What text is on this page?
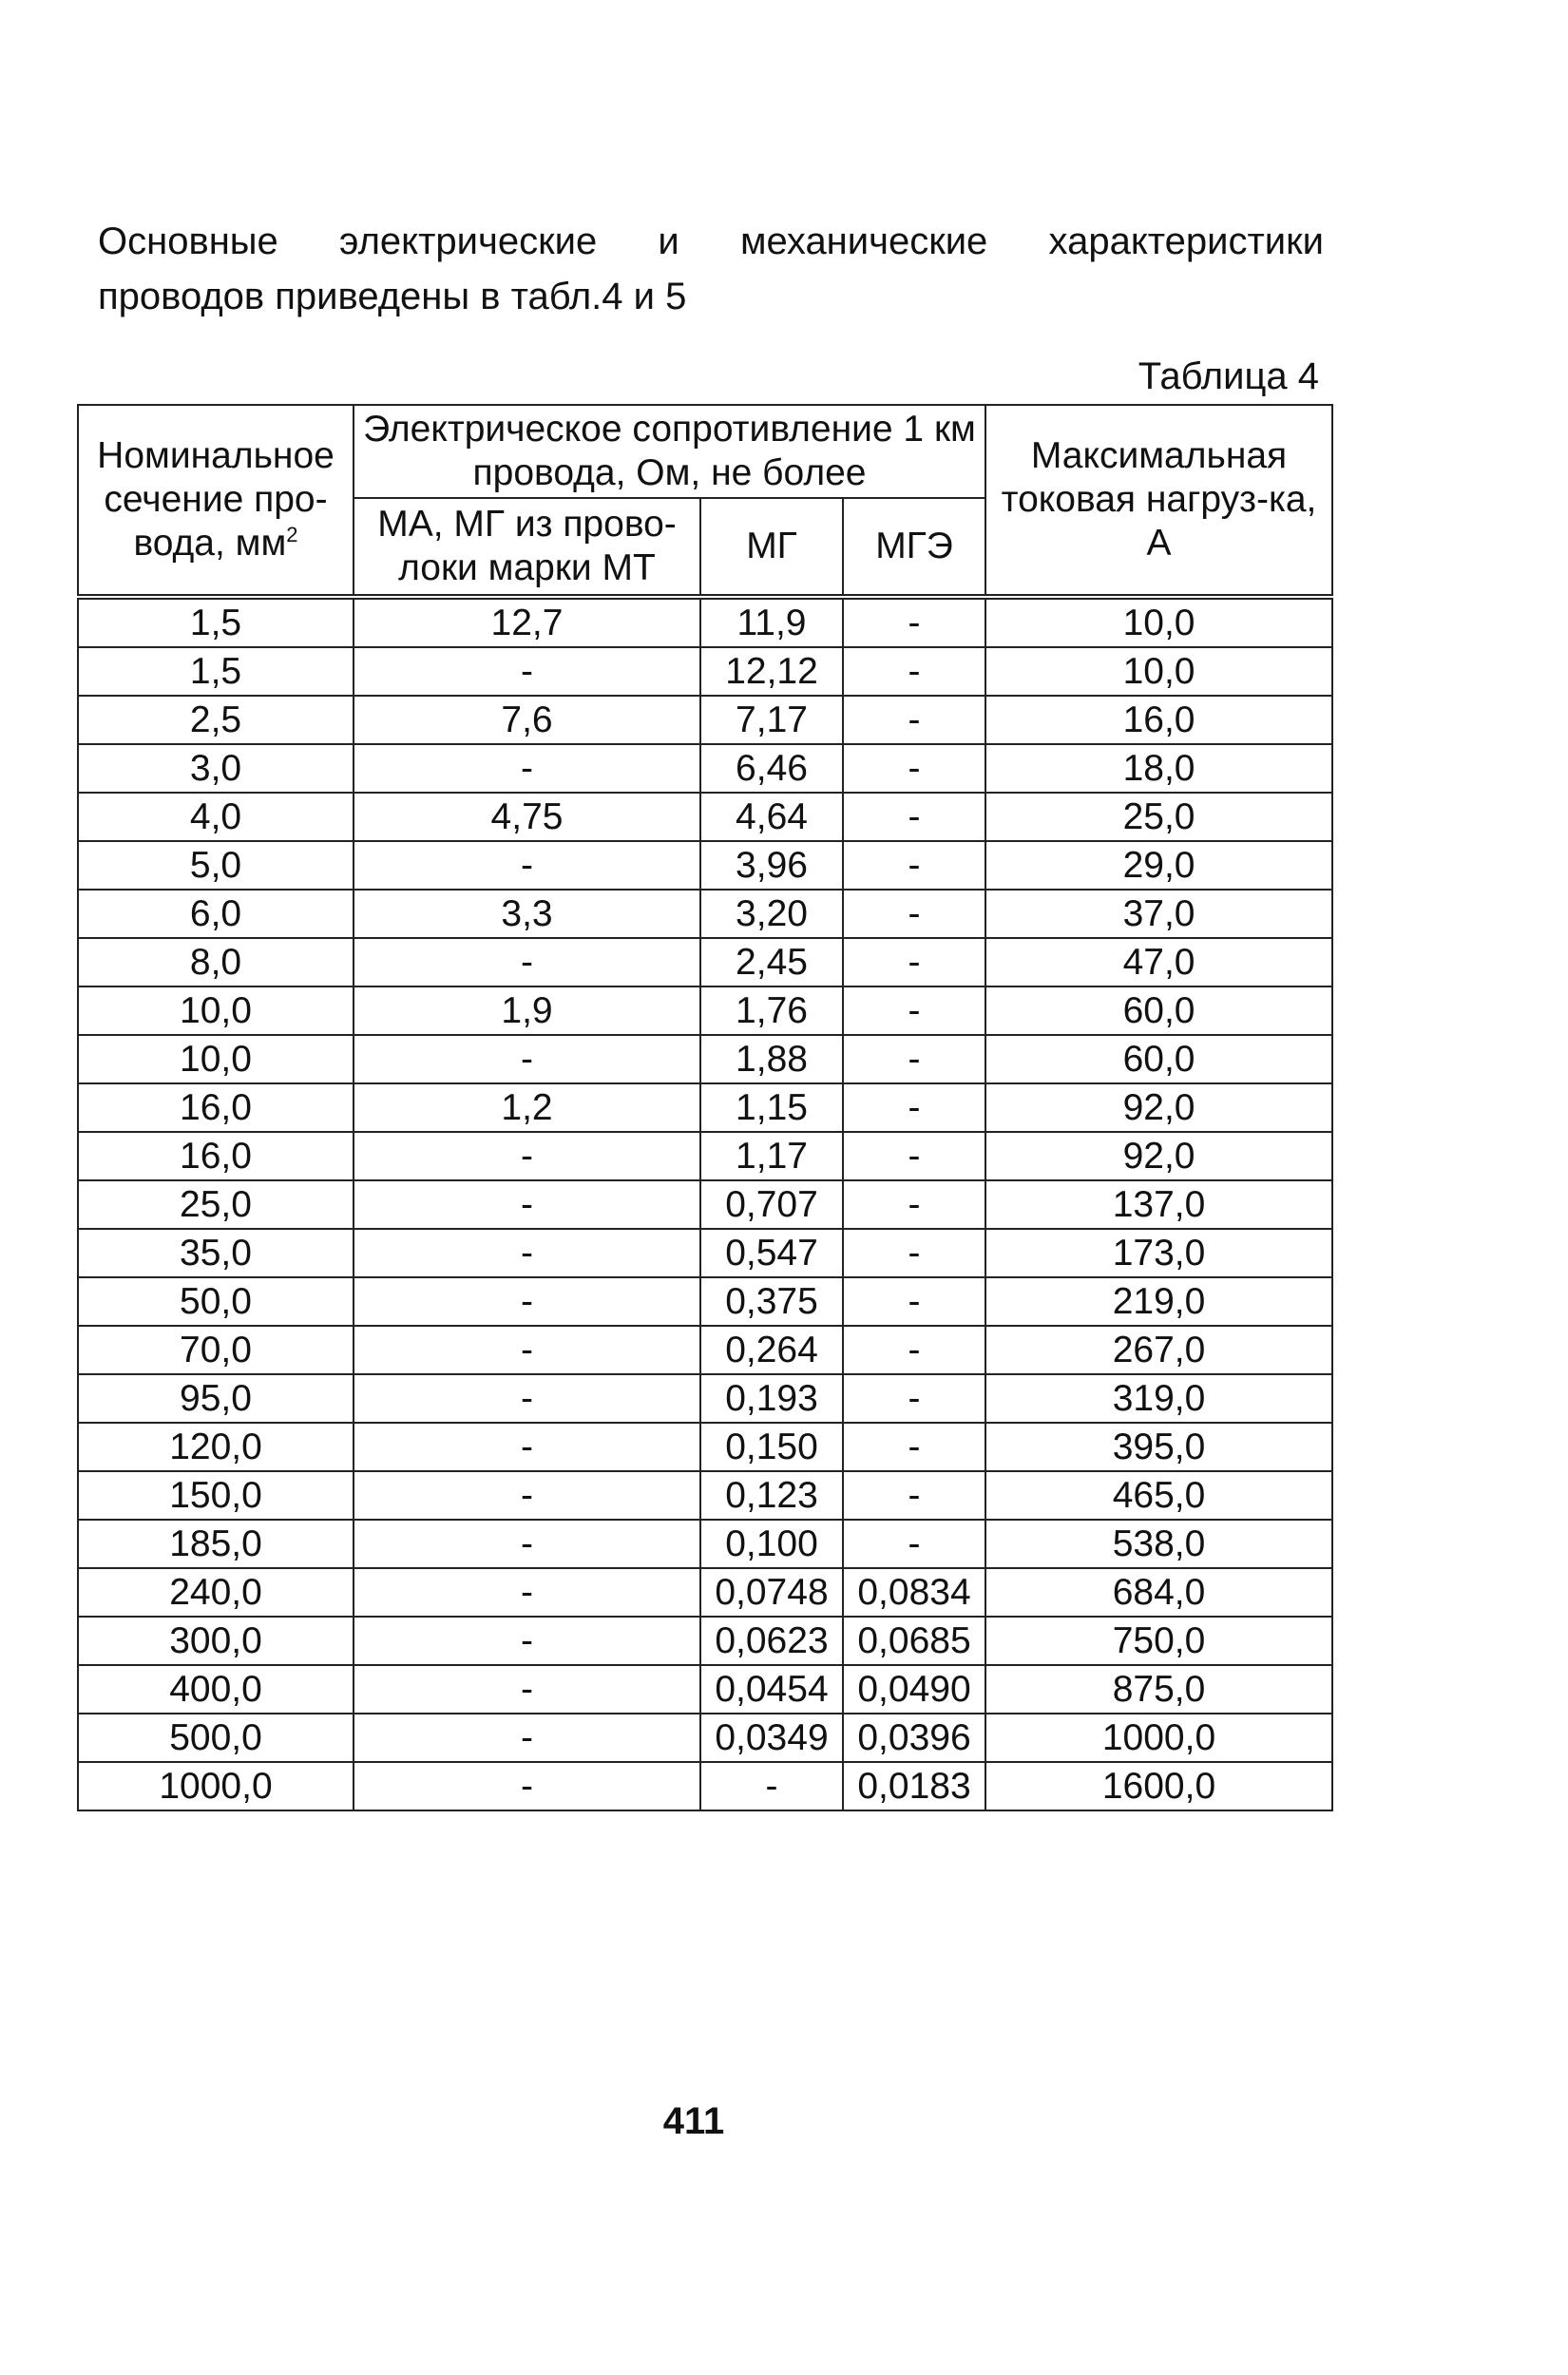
Основные электрические и механические характеристики
проводов приведены в табл.4 и 5

Таблица 4
Номинальное сечение про-вода, $мм^2$	Электрическое сопротивление 1 км провода, Ом, не более			Максимальная токовая нагруз-ка, А
	МА, МГ из прово-локи марки МТ	МГ	МГЭ	
1,5	12,7	11,9	-	10,0
1,5	-	12,12	-	10,0
2,5	7,6	7,17	-	16,0
3,0	-	6,46	-	18,0
4,0	4,75	4,64	-	25,0
5,0	-	3,96	-	29,0
6,0	3,3	3,20	-	37,0
8,0	-	2,45	-	47,0
10,0	1,9	1,76	-	60,0
10,0	-	1,88	-	60,0
16,0	1,2	1,15	-	92,0
16,0	-	1,17	-	92,0
25,0	-	0,707	-	137,0
35,0	-	0,547	-	173,0
50,0	-	0,375	-	219,0
70,0	-	0,264	-	267,0
95,0	-	0,193	-	319,0
120,0	-	0,150	-	395,0
150,0	-	0,123	-	465,0
185,0	-	0,100	-	538,0
240,0	-	0,0748	0,0834	684,0
300,0	-	0,0623	0,0685	750,0
400,0	-	0,0454	0,0490	875,0
500,0	-	0,0349	0,0396	1000,0
1000,0	-	-	0,0183	1600,0
411
